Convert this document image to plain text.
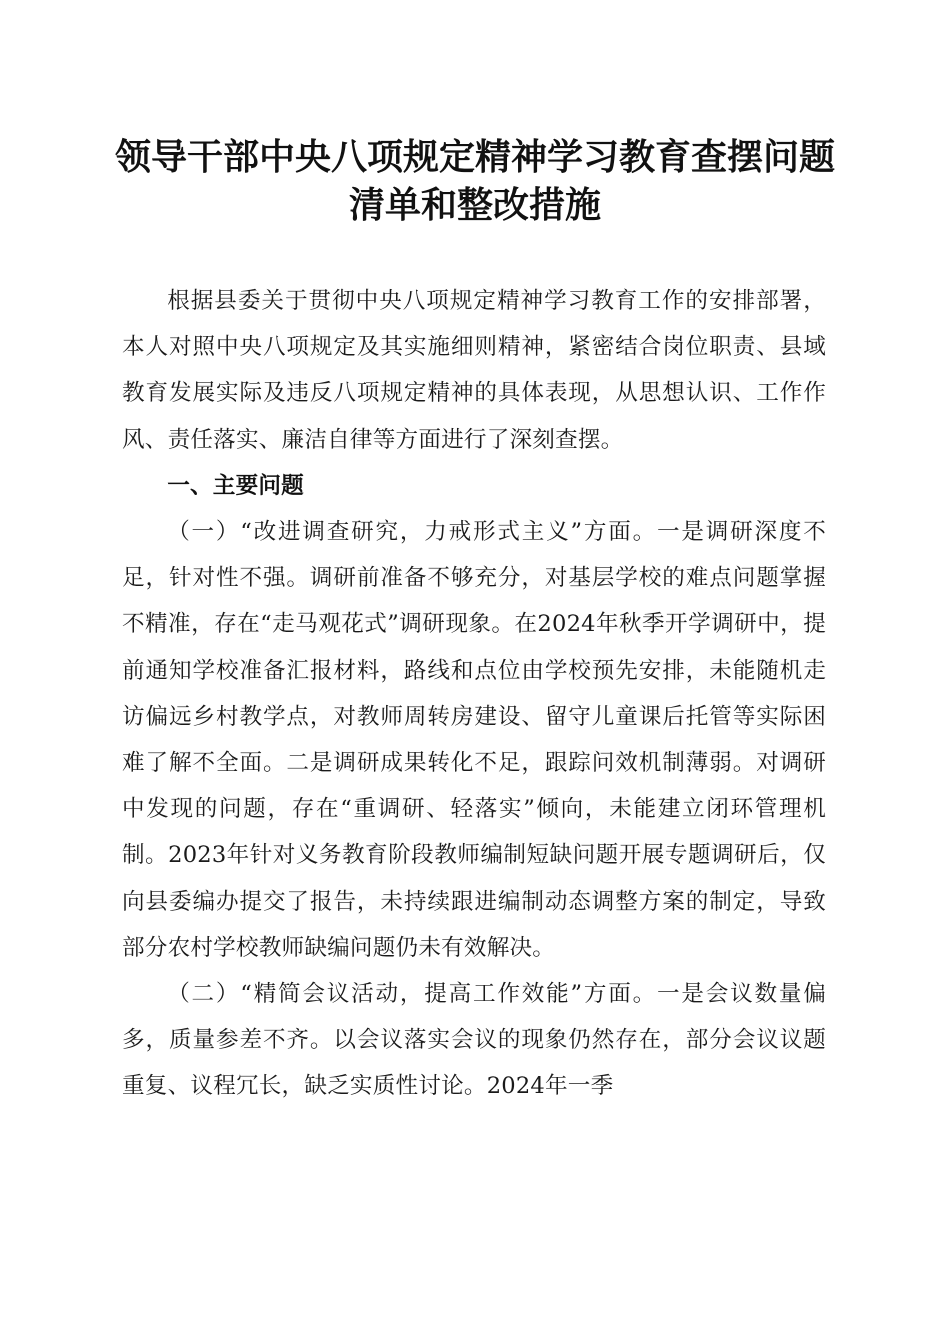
领导干部中央八项规定精神学习教育查摆问题
清单和整改措施

根据县委关于贯彻中央八项规定精神学习教育工作的安排部署，本人对照中央八项规定及其实施细则精神，紧密结合岗位职责、县域教育发展实际及违反八项规定精神的具体表现，从思想认识、工作作风、责任落实、廉洁自律等方面进行了深刻查摆。

一、主要问题

（一）“改进调查研究，力戒形式主义”方面。一是调研深度不足，针对性不强。调研前准备不够充分，对基层学校的难点问题掌握不精准，存在“走马观花式”调研现象。在2024年秋季开学调研中，提前通知学校准备汇报材料，路线和点位由学校预先安排，未能随机走访偏远乡村教学点，对教师周转房建设、留守儿童课后托管等实际困难了解不全面。二是调研成果转化不足，跟踪问效机制薄弱。对调研中发现的问题，存在“重调研、轻落实”倾向，未能建立闭环管理机制。2023年针对义务教育阶段教师编制短缺问题开展专题调研后，仅向县委编办提交了报告，未持续跟进编制动态调整方案的制定，导致部分农村学校教师缺编问题仍未有效解决。

（二）“精简会议活动，提高工作效能”方面。一是会议数量偏多，质量参差不齐。以会议落实会议的现象仍然存在，部分会议议题重复、议程冗长，缺乏实质性讨论。2024年一季
